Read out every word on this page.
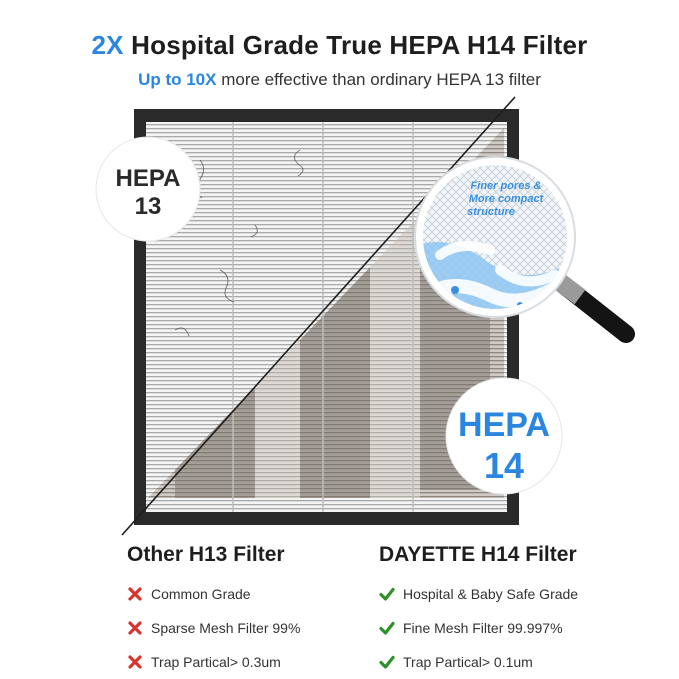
2X Hospital Grade True HEPA H14 Filter
Up to 10X more effective than ordinary HEPA 13 filter
HEPA
13
Finer pores &
More compact
structure
HEPA
14
Other H13 Filter
Common Grade
Sparse Mesh Filter 99%
Trap Partical> 0.3um
DAYETTE H14 Filter
Hospital & Baby Safe Grade
Fine Mesh Filter 99.997%
Trap Partical> 0.1um
